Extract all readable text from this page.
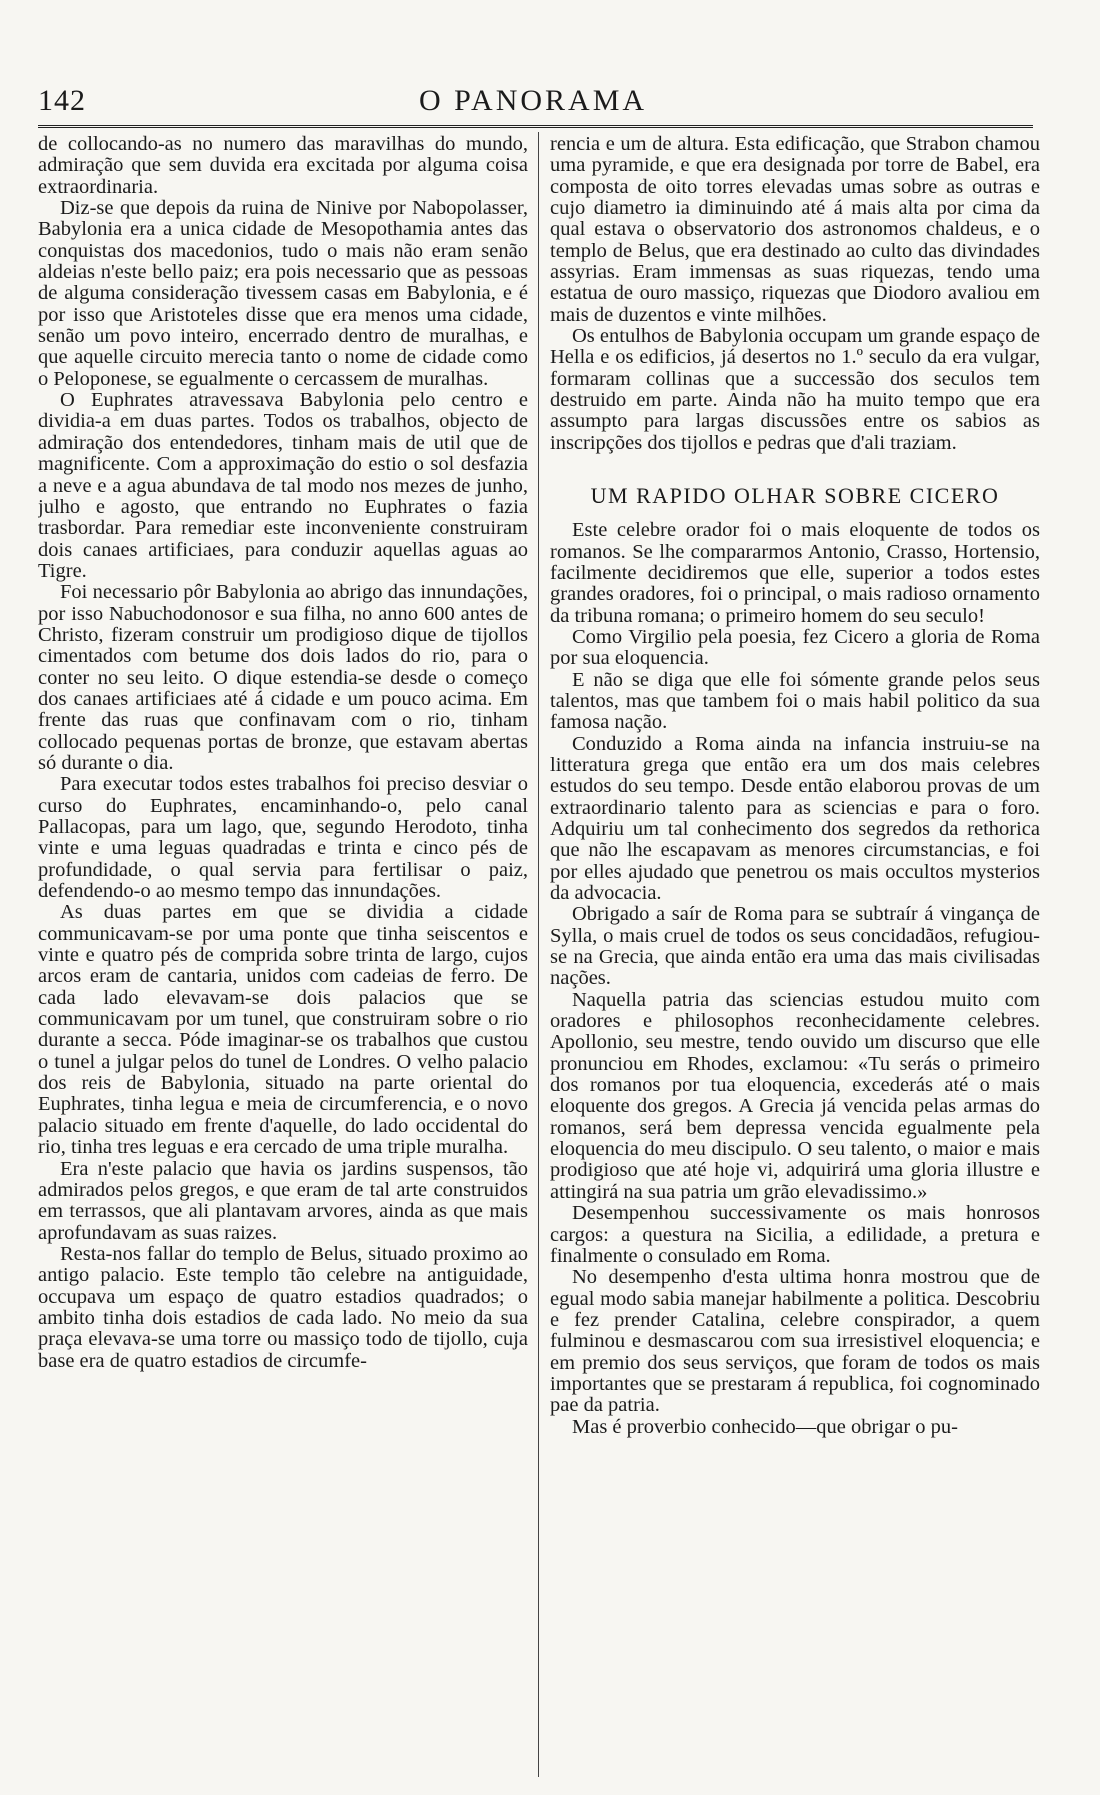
142	O PANORAMA

de collocando-as no numero das maravilhas do mundo, admiração que sem duvida era excitada por alguma coisa extraordinaria.

Diz-se que depois da ruina de Ninive por Nabopolasser, Babylonia era a unica cidade de Mesopothamia antes das conquistas dos macedonios, tudo o mais não eram senão aldeias n'este bello paiz; era pois necessario que as pessoas de alguma consideração tivessem casas em Babylonia, e é por isso que Aristoteles disse que era menos uma cidade, senão um povo inteiro, encerrado dentro de muralhas, e que aquelle circuito merecia tanto o nome de cidade como o Peloponese, se egualmente o cercassem de muralhas.

O Euphrates atravessava Babylonia pelo centro e dividia-a em duas partes. Todos os trabalhos, objecto de admiração dos entendedores, tinham mais de util que de magnificente. Com a approximação do estio o sol desfazia a neve e a agua abundava de tal modo nos mezes de junho, julho e agosto, que entrando no Euphrates o fazia trasbordar. Para remediar este inconveniente construiram dois canaes artificiaes, para conduzir aquellas aguas ao Tigre.

Foi necessario pôr Babylonia ao abrigo das innundações, por isso Nabuchodonosor e sua filha, no anno 600 antes de Christo, fizeram construir um prodigioso dique de tijollos cimentados com betume dos dois lados do rio, para o conter no seu leito. O dique estendia-se desde o começo dos canaes artificiaes até á cidade e um pouco acima. Em frente das ruas que confinavam com o rio, tinham collocado pequenas portas de bronze, que estavam abertas só durante o dia.

Para executar todos estes trabalhos foi preciso desviar o curso do Euphrates, encaminhando-o, pelo canal Pallacopas, para um lago, que, segundo Herodoto, tinha vinte e uma leguas quadradas e trinta e cinco pés de profundidade, o qual servia para fertilisar o paiz, defendendo-o ao mesmo tempo das innundações.

As duas partes em que se dividia a cidade communicavam-se por uma ponte que tinha seiscentos e vinte e quatro pés de comprida sobre trinta de largo, cujos arcos eram de cantaria, unidos com cadeias de ferro. De cada lado elevavam-se dois palacios que se communicavam por um tunel, que construiram sobre o rio durante a secca. Póde imaginar-se os trabalhos que custou o tunel a julgar pelos do tunel de Londres. O velho palacio dos reis de Babylonia, situado na parte oriental do Euphrates, tinha legua e meia de circumferencia, e o novo palacio situado em frente d'aquelle, do lado occidental do rio, tinha tres leguas e era cercado de uma triple muralha.

Era n'este palacio que havia os jardins suspensos, tão admirados pelos gregos, e que eram de tal arte construidos em terrassos, que ali plantavam arvores, ainda as que mais aprofundavam as suas raizes.

Resta-nos fallar do templo de Belus, situado proximo ao antigo palacio. Este templo tão celebre na antiguidade, occupava um espaço de quatro estadios quadrados; o ambito tinha dois estadios de cada lado. No meio da sua praça elevava-se uma torre ou massiço todo de tijollo, cuja base era de quatro estadios de circumfe-

rencia e um de altura. Esta edificação, que Strabon chamou uma pyramide, e que era designada por torre de Babel, era composta de oito torres elevadas umas sobre as outras e cujo diametro ia diminuindo até á mais alta por cima da qual estava o observatorio dos astronomos chaldeus, e o templo de Belus, que era destinado ao culto das divindades assyrias. Eram immensas as suas riquezas, tendo uma estatua de ouro massiço, riquezas que Diodoro avaliou em mais de duzentos e vinte milhões.

Os entulhos de Babylonia occupam um grande espaço de Hella e os edificios, já desertos no 1.º seculo da era vulgar, formaram collinas que a successão dos seculos tem destruido em parte. Ainda não ha muito tempo que era assumpto para largas discussões entre os sabios as inscripções dos tijollos e pedras que d'ali traziam.

UM RAPIDO OLHAR SOBRE CICERO

Este celebre orador foi o mais eloquente de todos os romanos. Se lhe compararmos Antonio, Crasso, Hortensio, facilmente decidiremos que elle, superior a todos estes grandes oradores, foi o principal, o mais radioso ornamento da tribuna romana; o primeiro homem do seu seculo!

Como Virgilio pela poesia, fez Cicero a gloria de Roma por sua eloquencia.

E não se diga que elle foi sómente grande pelos seus talentos, mas que tambem foi o mais habil politico da sua famosa nação.

Conduzido a Roma ainda na infancia instruiu-se na litteratura grega que então era um dos mais celebres estudos do seu tempo. Desde então elaborou provas de um extraordinario talento para as sciencias e para o foro. Adquiriu um tal conhecimento dos segredos da rethorica que não lhe escapavam as menores circumstancias, e foi por elles ajudado que penetrou os mais occultos mysterios da advocacia.

Obrigado a saír de Roma para se subtraír á vingança de Sylla, o mais cruel de todos os seus concidadãos, refugiou-se na Grecia, que ainda então era uma das mais civilisadas nações.

Naquella patria das sciencias estudou muito com oradores e philosophos reconhecidamente celebres. Apollonio, seu mestre, tendo ouvido um discurso que elle pronunciou em Rhodes, exclamou: «Tu serás o primeiro dos romanos por tua eloquencia, excederás até o mais eloquente dos gregos. A Grecia já vencida pelas armas do romanos, será bem depressa vencida egualmente pela eloquencia do meu discipulo. O seu talento, o maior e mais prodigioso que até hoje vi, adquirirá uma gloria illustre e attingirá na sua patria um grão elevadissimo.»

Desempenhou successivamente os mais honrosos cargos: a questura na Sicilia, a edilidade, a pretura e finalmente o consulado em Roma.

No desempenho d'esta ultima honra mostrou que de egual modo sabia manejar habilmente a politica. Descobriu e fez prender Catalina, celebre conspirador, a quem fulminou e desmascarou com sua irresistivel eloquencia; e em premio dos seus serviços, que foram de todos os mais importantes que se prestaram á republica, foi cognominado pae da patria.

Mas é proverbio conhecido—que obrigar o pu-
